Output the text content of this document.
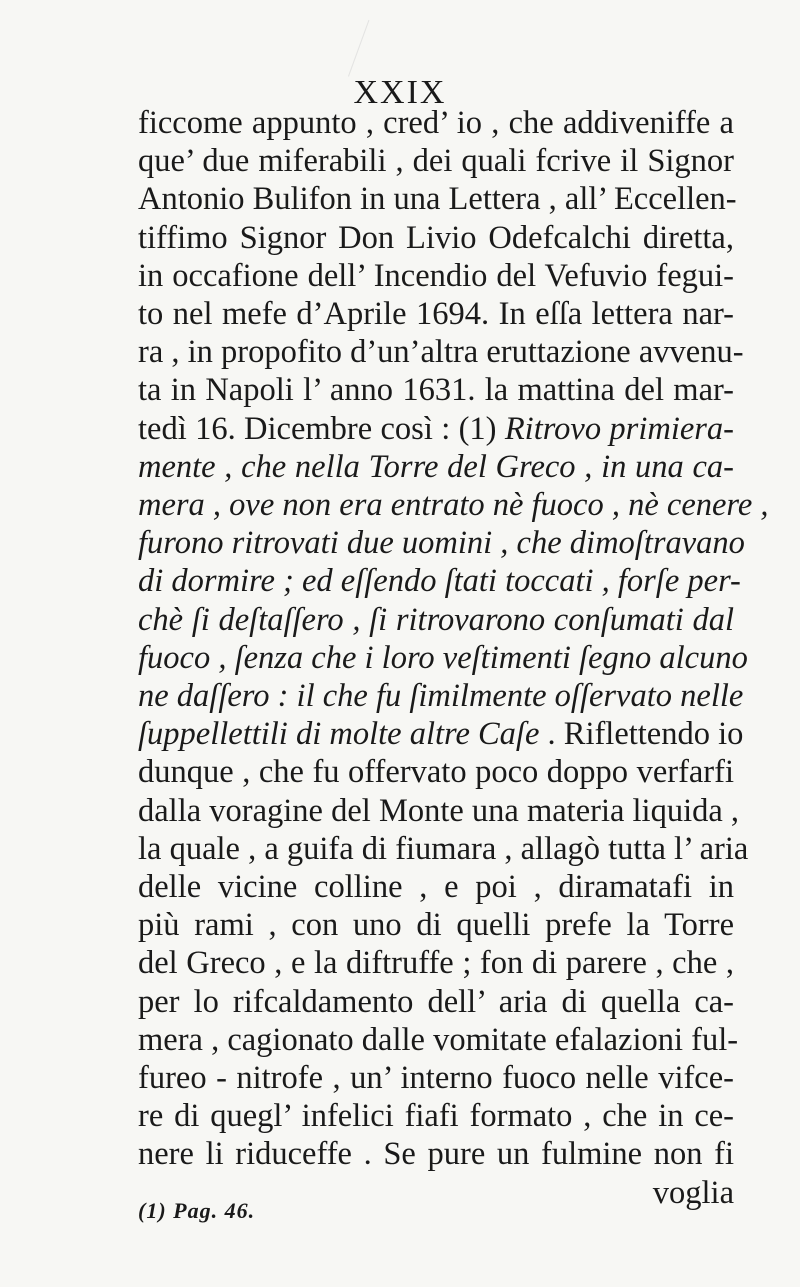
XXIX
ficcome appunto , cred’ io , che addiveniffe a
que’ due miferabili , dei quali fcrive il Signor
Antonio Bulifon in una Lettera , all’ Eccellen-
tiffimo Signor Don Livio Odefcalchi diretta,
in occafione dell’ Incendio del Vefuvio fegui-
to nel mefe d’Aprile 1694. In eſſa lettera nar-
ra , in propofito d’un’altra eruttazione avvenu-
ta in Napoli l’ anno 1631. la mattina del mar-
tedì 16. Dicembre così : (1) Ritrovo primiera-
mente , che nella Torre del Greco , in una ca-
mera , ove non era entrato nè fuoco , nè cenere ,
furono ritrovati due uomini , che dimoſtravano
di dormire ; ed eſſendo ſtati toccati , forſe per-
chè ſi deſtaſſero , ſi ritrovarono conſumati dal
fuoco , ſenza che i loro veſtimenti ſegno alcuno
ne daſſero : il che fu ſimilmente oſſervato nelle
ſuppellettili di molte altre Caſe . Riflettendo io
dunque , che fu offervato poco doppo verfarfi
dalla voragine del Monte una materia liquida ,
la quale , a guifa di fiumara , allagò tutta l’ aria
delle vicine colline , e poi , diramatafi in
più rami , con uno di quelli prefe la Torre
del Greco , e la diftruffe ; fon di parere , che ,
per lo rifcaldamento dell’ aria di quella ca-
mera , cagionato dalle vomitate efalazioni ful-
fureo - nitrofe , un’ interno fuoco nelle vifce-
re di quegl’ infelici fiafi formato , che in ce-
nere li riduceffe . Se pure un fulmine non fi
voglia
(1) Pag. 46.
